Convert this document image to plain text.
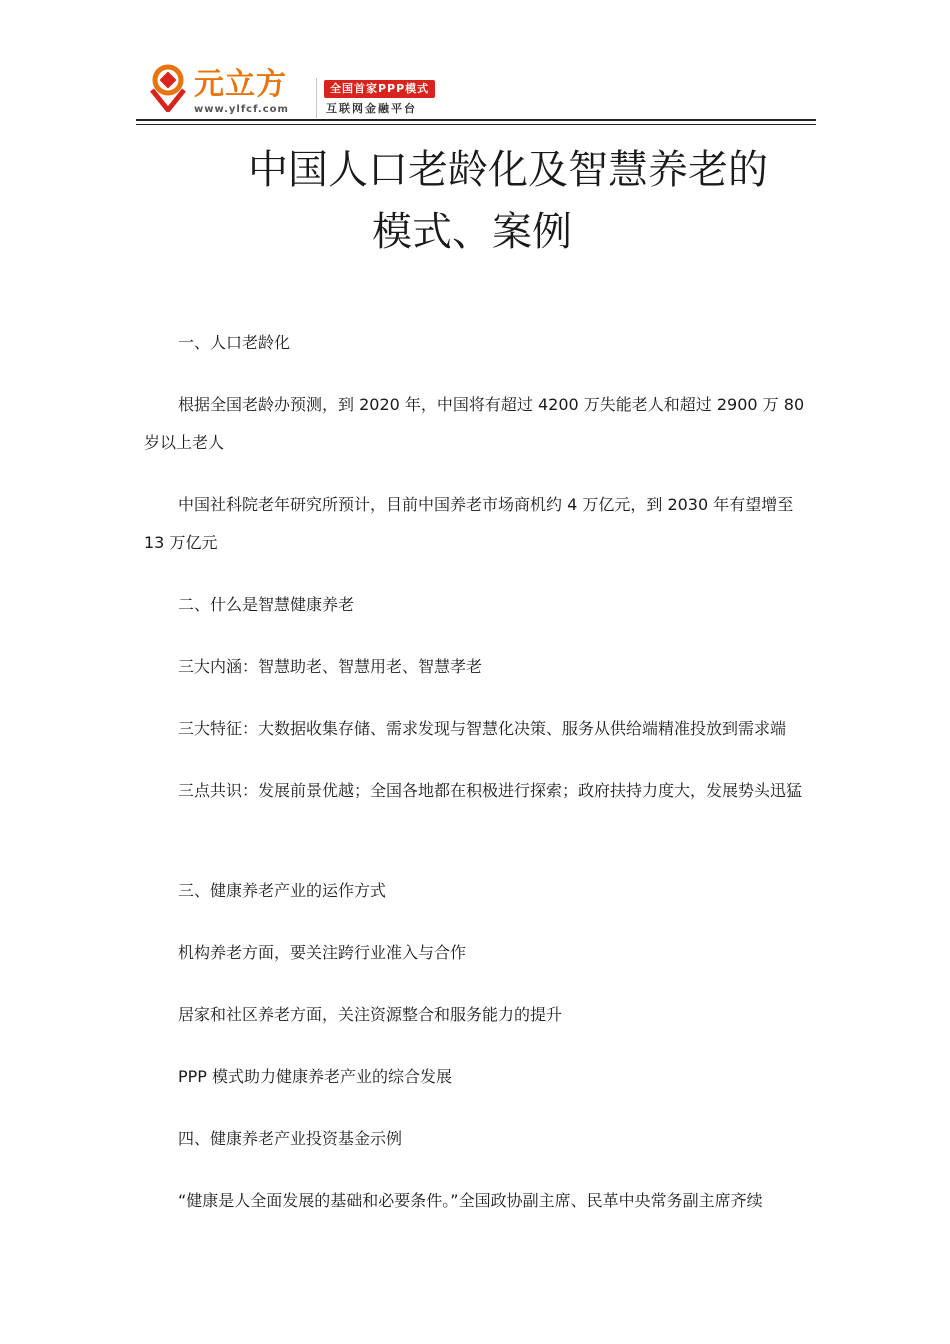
元立方
www.ylfcf.com
全国首家PPP模式
互联网金融平台
中国人口老龄化及智慧养老的
模式、案例
一、人口老龄化
根据全国老龄办预测，到 2020 年，中国将有超过 4200 万失能老人和超过 2900 万 80 岁以上老人
中国社科院老年研究所预计，目前中国养老市场商机约 4 万亿元，到 2030 年有望增至 13 万亿元
二、什么是智慧健康养老
三大内涵：智慧助老、智慧用老、智慧孝老
三大特征：大数据收集存储、需求发现与智慧化决策、服务从供给端精准投放到需求端
三点共识：发展前景优越；全国各地都在积极进行探索；政府扶持力度大，发展势头迅猛
三、健康养老产业的运作方式
机构养老方面，要关注跨行业准入与合作
居家和社区养老方面，关注资源整合和服务能力的提升
PPP 模式助力健康养老产业的综合发展
四、健康养老产业投资基金示例
“健康是人全面发展的基础和必要条件。”全国政协副主席、民革中央常务副主席齐续
